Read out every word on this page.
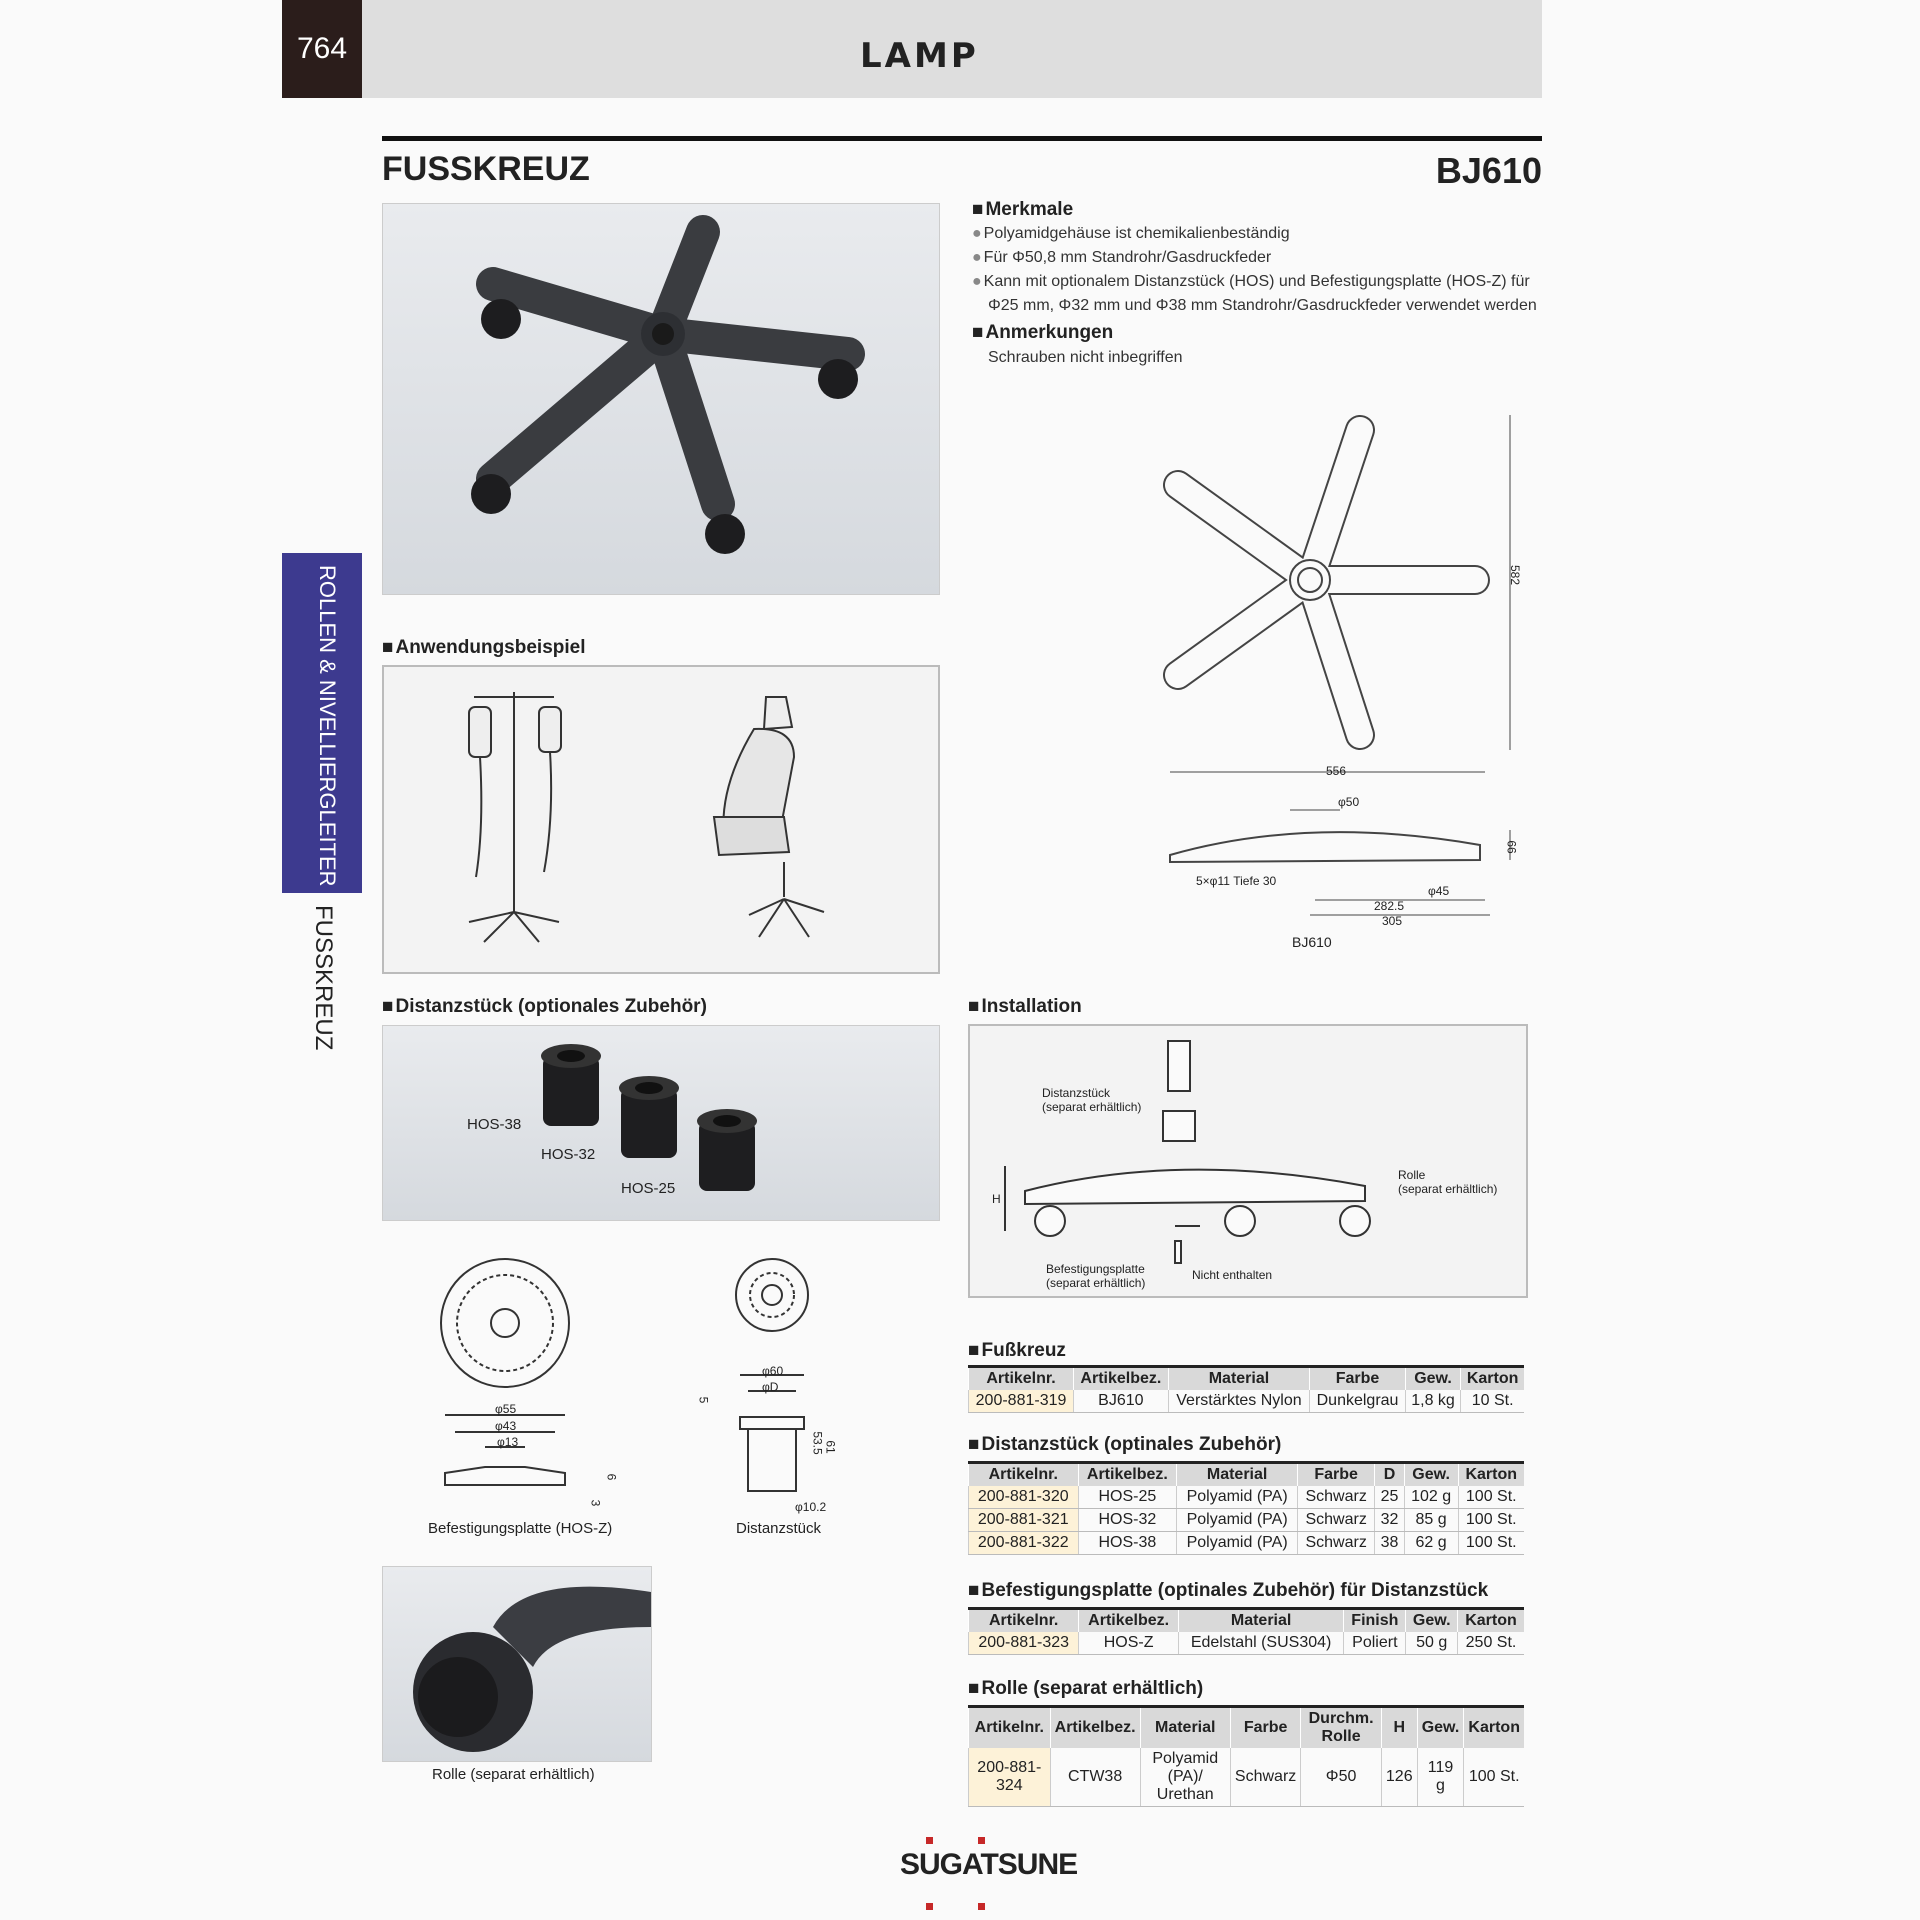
764	LAMP
FUSSKREUZ	BJ610
ROLLEN & NIVELLIERGLEITER
FUSSKREUZ
■ Merkmale
● Polyamidgehäuse ist chemikalienbeständig
● Für Φ50,8 mm Standrohr/Gasdruckfeder
● Kann mit optionalem Distanzstück (HOS) und Befestigungsplatte (HOS-Z) für
Φ25 mm, Φ32 mm und Φ38 mm Standrohr/Gasdruckfeder verwendet werden
■ Anmerkungen
Schrauben nicht inbegriffen
582
556
φ50
66
5×φ11 Tiefe 30
φ45
282.5
305
BJ610
■ Anwendungsbeispiel
■ Distanzstück (optionales Zubehör)
HOS-38
HOS-32
HOS-25
■ Installation
Distanzstück
(separat erhältlich)
Rolle
(separat erhältlich)
Befestigungsplatte
(separat erhältlich)
Nicht enthalten
H
φ55
φ43
φ13
6
3
Befestigungsplatte (HOS-Z)
φ60
φD
5
53.5 61
φ10.2
Distanzstück
Rolle (separat erhältlich)
■ Fußkreuz
Artikelnr.	Artikelbez.	Material	Farbe	Gew.	Karton
200-881-319	BJ610	Verstärktes Nylon	Dunkelgrau	1,8 kg	10 St.
■ Distanzstück (optinales Zubehör)
Artikelnr.	Artikelbez.	Material	Farbe	D	Gew.	Karton
200-881-320	HOS-25	Polyamid (PA)	Schwarz	25	102 g	100 St.
200-881-321	HOS-32	Polyamid (PA)	Schwarz	32	85 g	100 St.
200-881-322	HOS-38	Polyamid (PA)	Schwarz	38	62 g	100 St.
■ Befestigungsplatte (optinales Zubehör) für Distanzstück
Artikelnr.	Artikelbez.	Material	Finish	Gew.	Karton
200-881-323	HOS-Z	Edelstahl (SUS304)	Poliert	50 g	250 St.
■ Rolle (separat erhältlich)
Artikelnr.	Artikelbez.	Material	Farbe	Durchm. Rolle	H	Gew.	Karton
200-881-324	CTW38	Polyamid (PA)/ Urethan	Schwarz	Φ50	126	119 g	100 St.
SUGATSUNE
